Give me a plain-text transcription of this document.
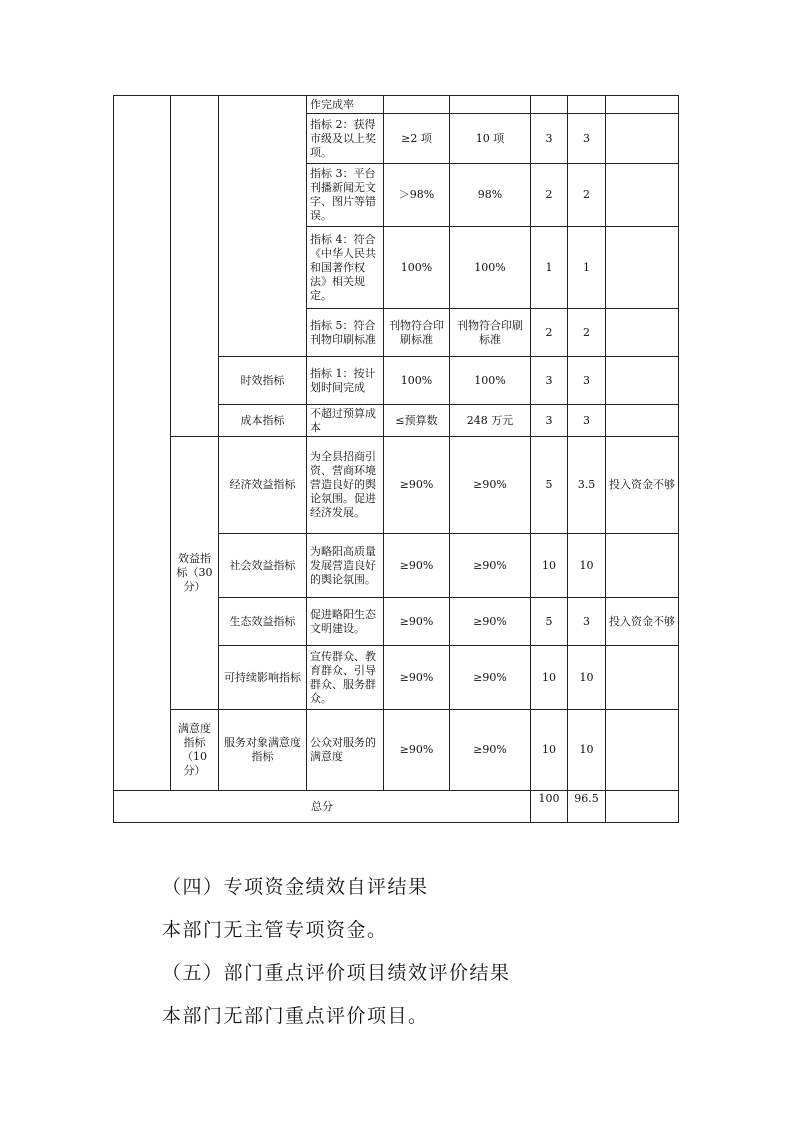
			作完成率					
			指标 2：获得市级及以上奖项。	≥2 项	10 项	3	3	
			指标 3：平台刊播新闻无文字、图片等错误。	＞98%	98%	2	2	
			指标 4：符合《中华人民共和国著作权法》相关规定。	100%	100%	1	1	
			指标 5：符合刊物印刷标准	刊物符合印刷标准	刊物符合印刷标准	2	2	
		时效指标	指标 1：按计划时间完成	100%	100%	3	3	
		成本指标	不超过预算成本	≤预算数	248 万元	3	3	
	效益指标（30分）	经济效益指标	为全县招商引资、营商环境营造良好的舆论氛围。促进经济发展。	≥90%	≥90%	5	3.5	投入资金不够
		社会效益指标	为略阳高质量发展营造良好的舆论氛围。	≥90%	≥90%	10	10	
		生态效益指标	促进略阳生态文明建设。	≥90%	≥90%	5	3	投入资金不够
		可持续影响指标	宣传群众、教育群众、引导群众、服务群众。	≥90%	≥90%	10	10	
	满意度指标（10分）	服务对象满意度指标	公众对服务的满意度	≥90%	≥90%	10	10	
总分						100	96.5	
（四）专项资金绩效自评结果
本部门无主管专项资金。
（五）部门重点评价项目绩效评价结果
本部门无部门重点评价项目。
